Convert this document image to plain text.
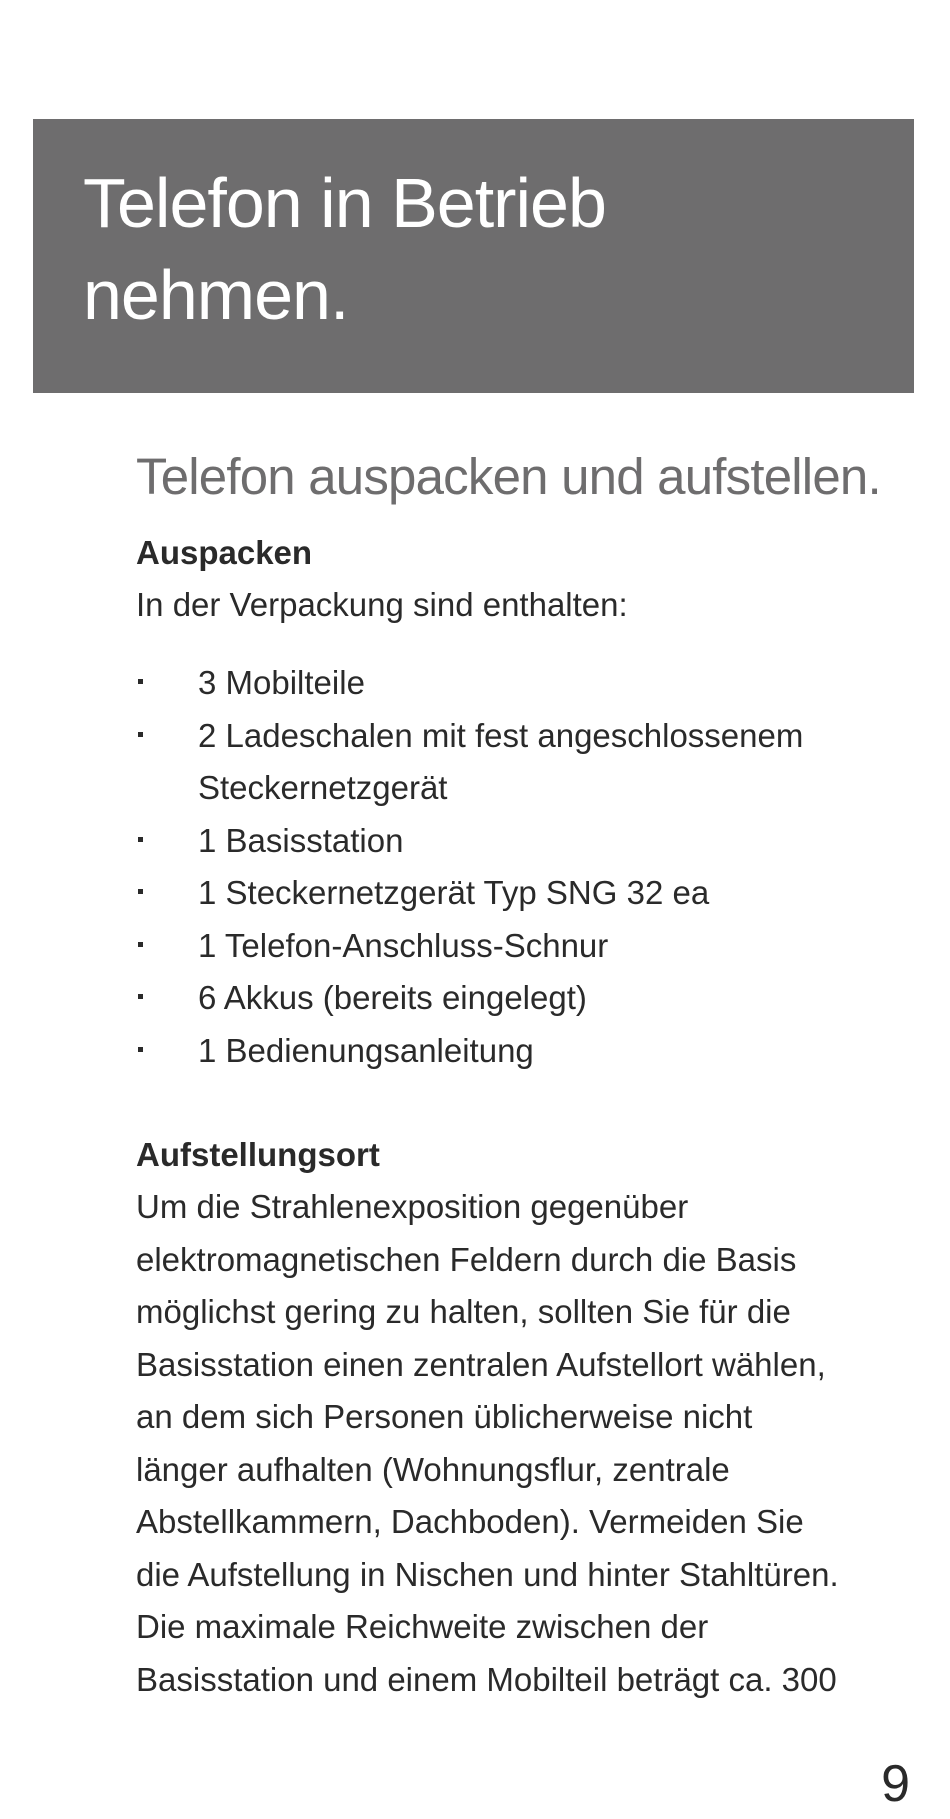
Telefon in Betrieb
nehmen.
Telefon auspacken und aufstellen.
Auspacken

In der Verpackung sind enthalten:

3 Mobilteile
2 Ladeschalen mit fest angeschlossenem Steckernetzgerät
1 Basisstation
1 Steckernetzgerät Typ SNG 32 ea
1 Telefon-Anschluss-Schnur
6 Akkus (bereits eingelegt)
1 Bedienungsanleitung
Aufstellungsort

Um die Strahlenexposition gegenüber
elektromagnetischen Feldern durch die Basis
möglichst gering zu halten, sollten Sie für die
Basisstation einen zentralen Aufstellort wählen,
an dem sich Personen üblicherweise nicht
länger aufhalten (Wohnungsflur, zentrale
Abstellkammern, Dachboden). Vermeiden Sie
die Aufstellung in Nischen und hinter Stahltüren.
Die maximale Reichweite zwischen der
Basisstation und einem Mobilteil beträgt ca. 300

9
